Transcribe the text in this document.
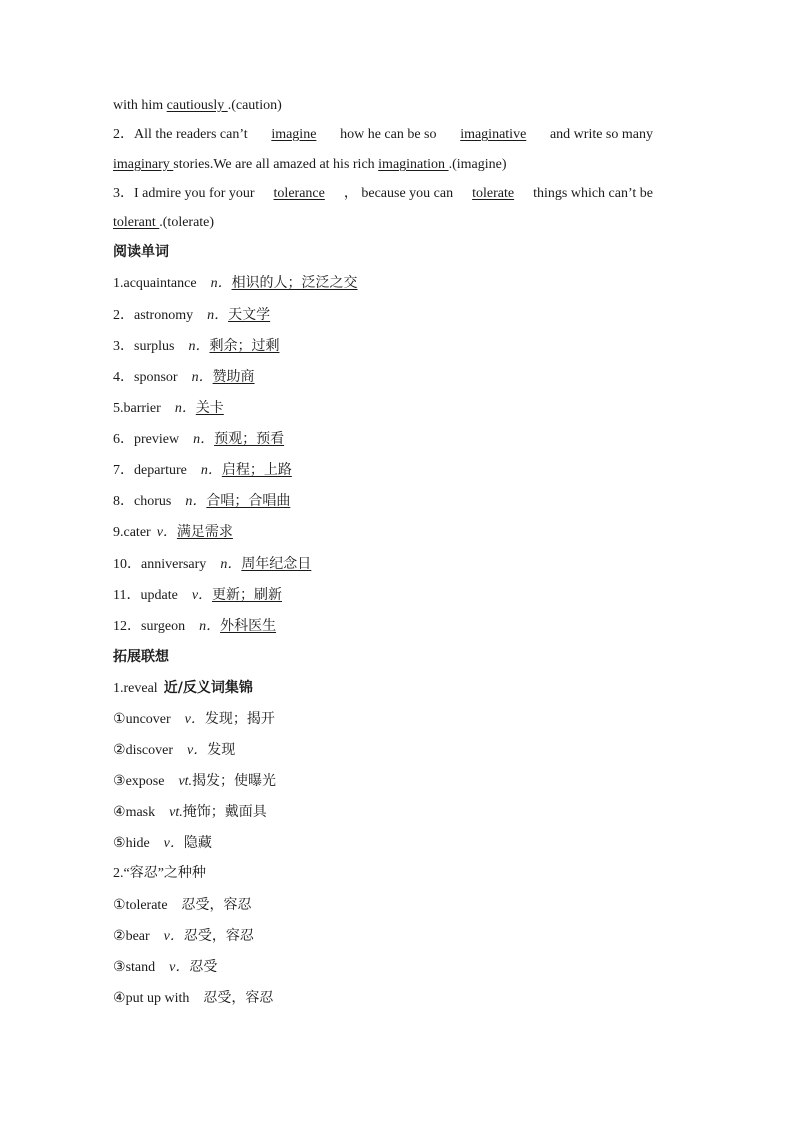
with him cautiously .(caution)
2．All the readers can’t imagine how he can be so imaginative and write so many
imaginary stories.We are all amazed at his rich imagination .(imagine)
3．I admire you for your tolerance ， because you can tolerate things which can’t be
tolerant .(tolerate)
阅读单词
1.acquaintance n．相识的人；泛泛之交
2．astronomy n．天文学
3．surplus n．剩余；过剩
4．sponsor n．赞助商
5.barrier n．关卡
6．preview n．预观；预看
7．departure n．启程；上路
8．chorus n．合唱；合唱曲
9.cater v．满足需求
10．anniversary n．周年纪念日
11．update v．更新；刷新
12．surgeon n．外科医生
拓展联想
1.reveal 近/反义词集锦
①uncover v．发现；揭开
②discover v．发现
③expose vt.揭发；使曝光
④mask vt.掩饰；戴面具
⑤hide v．隐藏
2.“容忍”之种种
①tolerate 忍受，容忍
②bear v．忍受，容忍
③stand v．忍受
④put up with 忍受，容忍
